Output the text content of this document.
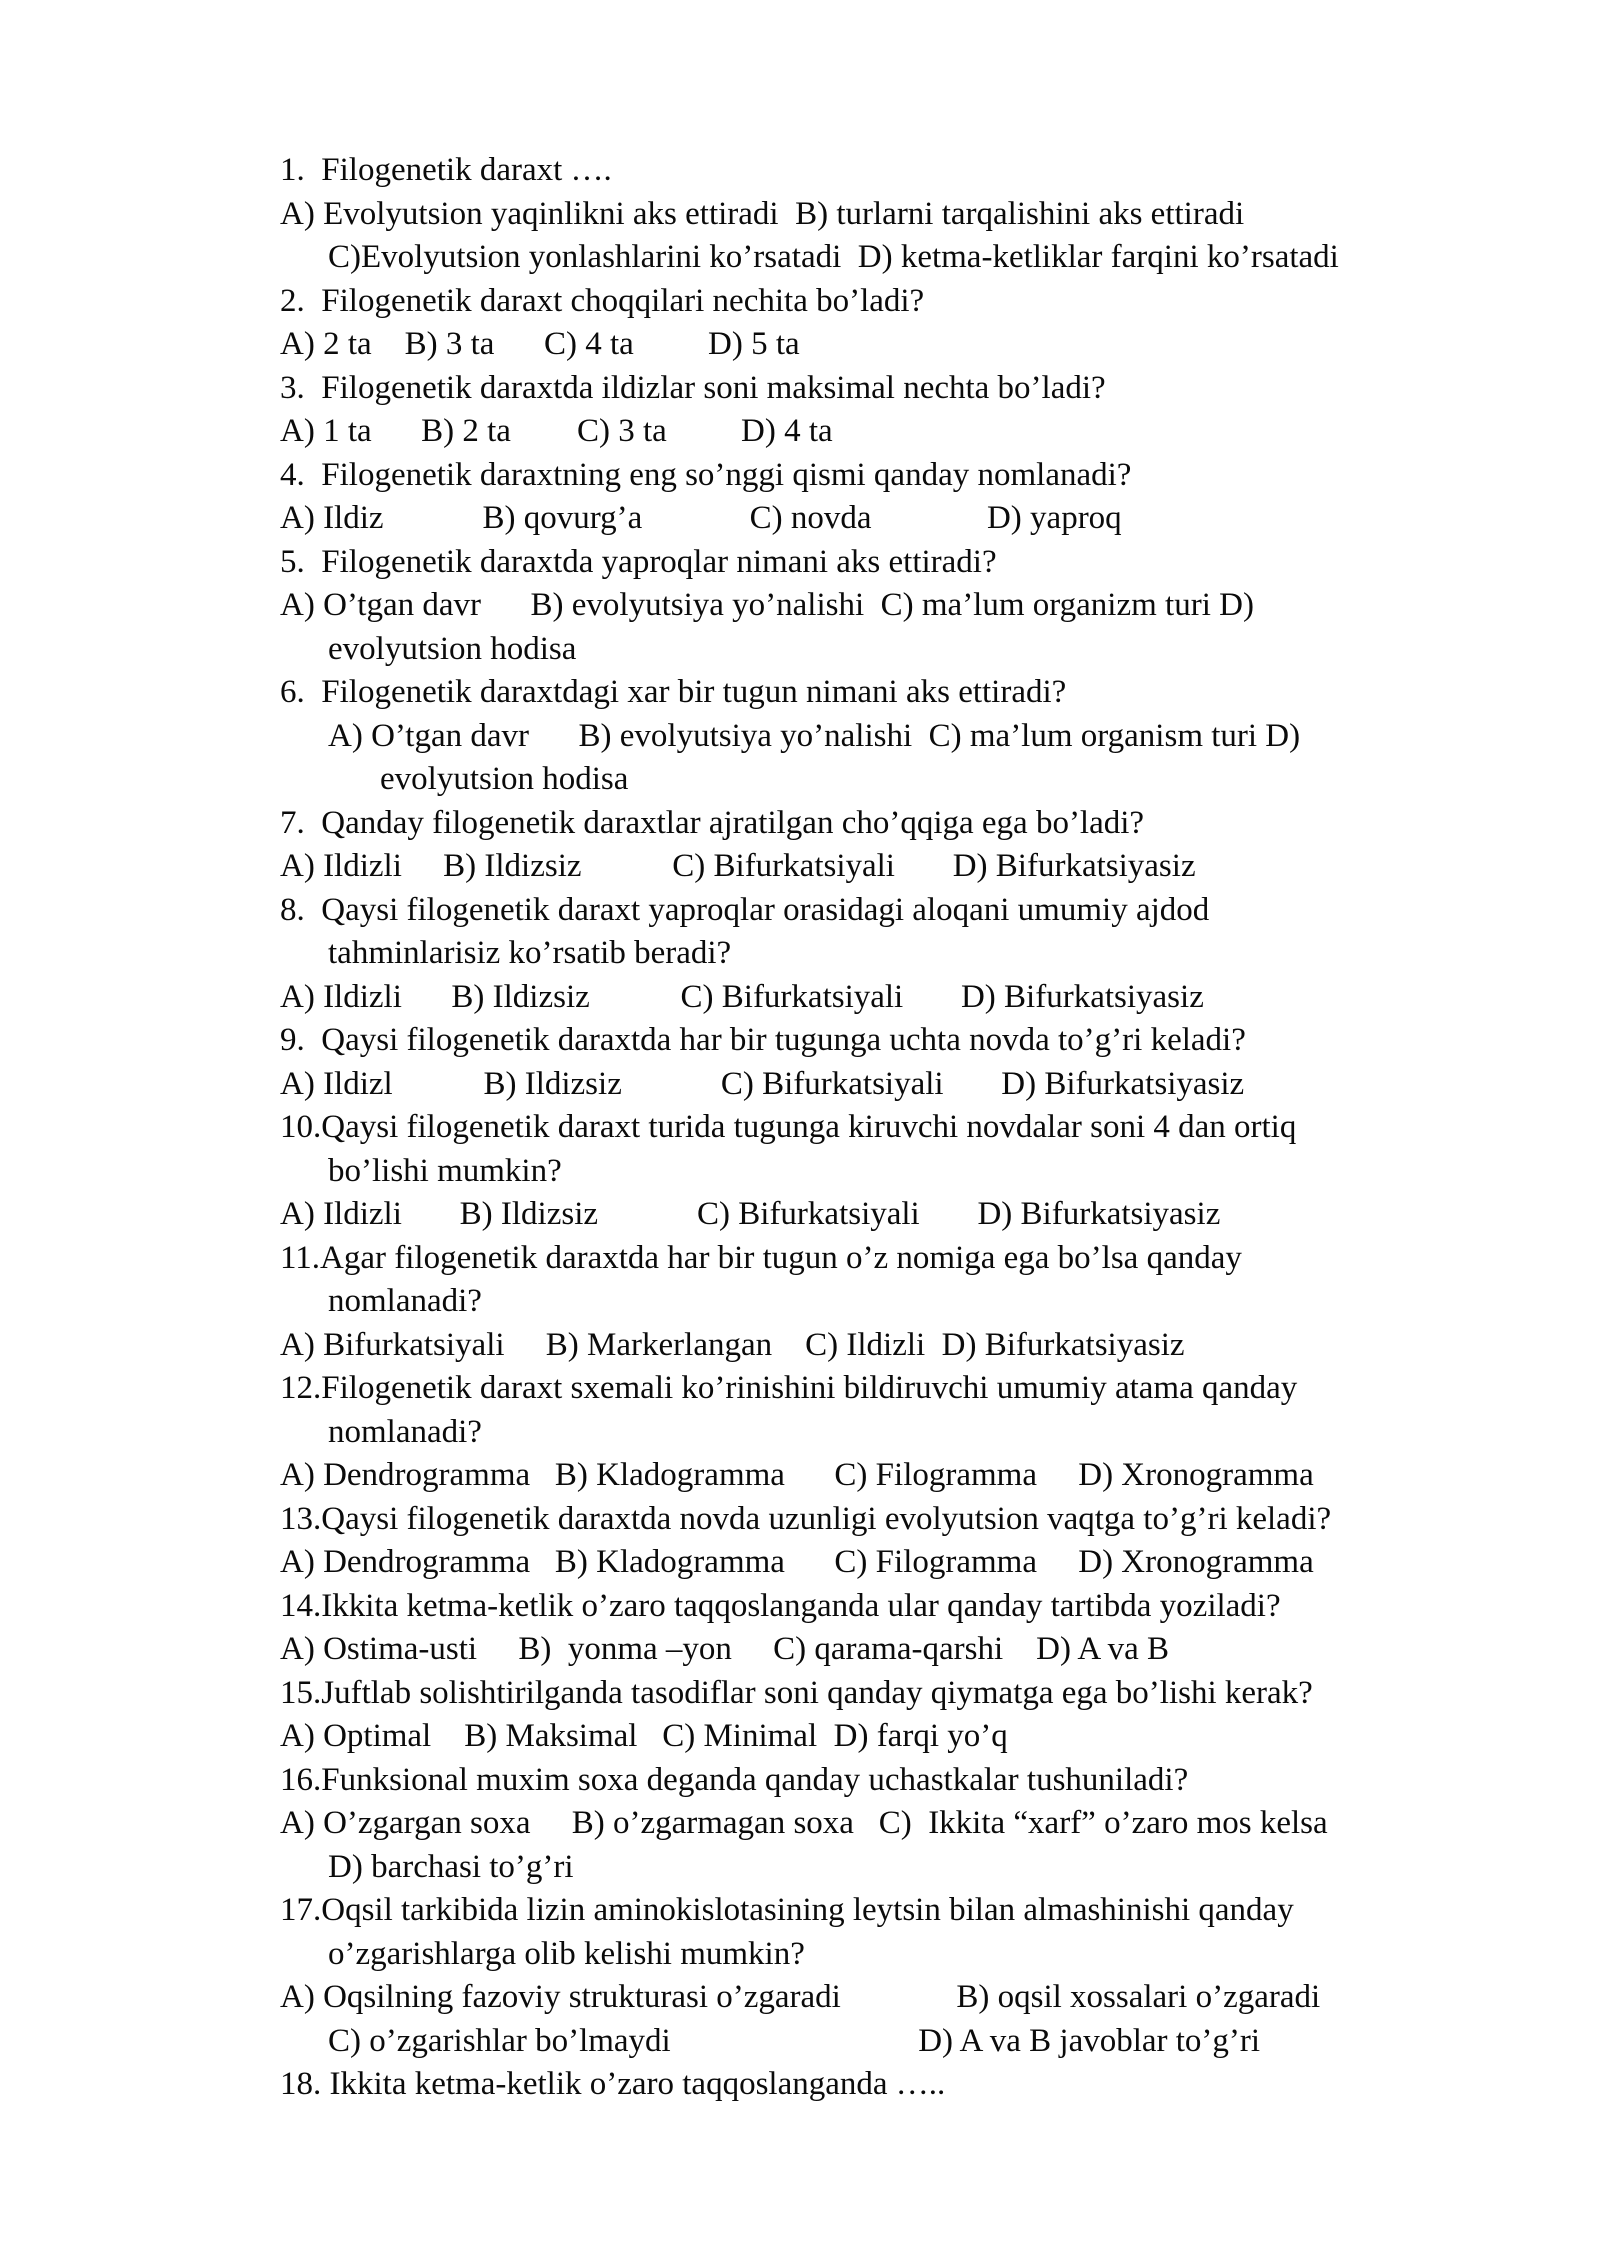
1.  Filogenetik daraxt ….
A) Evolyutsion yaqinlikni aks ettiradi  B) turlarni tarqalishini aks ettiradi
C)Evolyutsion yonlashlarini ko’rsatadi  D) ketma-ketliklar farqini ko’rsatadi
2.  Filogenetik daraxt choqqilari nechita bo’ladi?
A) 2 ta    B) 3 ta      C) 4 ta         D) 5 ta
3.  Filogenetik daraxtda ildizlar soni maksimal nechta bo’ladi?
A) 1 ta      B) 2 ta        C) 3 ta         D) 4 ta
4.  Filogenetik daraxtning eng so’nggi qismi qanday nomlanadi?
A) Ildiz            B) qovurg’a             C) novda              D) yaproq
5.  Filogenetik daraxtda yaproqlar nimani aks ettiradi?
A) O’tgan davr      B) evolyutsiya yo’nalishi  C) ma’lum organizm turi D)
evolyutsion hodisa
6.  Filogenetik daraxtdagi xar bir tugun nimani aks ettiradi?
A) O’tgan davr      B) evolyutsiya yo’nalishi  C) ma’lum organism turi D)
evolyutsion hodisa
7.  Qanday filogenetik daraxtlar ajratilgan cho’qqiga ega bo’ladi?
A) Ildizli     B) Ildizsiz           C) Bifurkatsiyali       D) Bifurkatsiyasiz
8.  Qaysi filogenetik daraxt yaproqlar orasidagi aloqani umumiy ajdod
tahminlarisiz ko’rsatib beradi?
A) Ildizli      B) Ildizsiz           C) Bifurkatsiyali       D) Bifurkatsiyasiz
9.  Qaysi filogenetik daraxtda har bir tugunga uchta novda to’g’ri keladi?
A) Ildizl           B) Ildizsiz            C) Bifurkatsiyali       D) Bifurkatsiyasiz
10.Qaysi filogenetik daraxt turida tugunga kiruvchi novdalar soni 4 dan ortiq
bo’lishi mumkin?
A) Ildizli       B) Ildizsiz            C) Bifurkatsiyali       D) Bifurkatsiyasiz
11.Agar filogenetik daraxtda har bir tugun o’z nomiga ega bo’lsa qanday
nomlanadi?
A) Bifurkatsiyali     B) Markerlangan    C) Ildizli  D) Bifurkatsiyasiz
12.Filogenetik daraxt sxemali ko’rinishini bildiruvchi umumiy atama qanday
nomlanadi?
A) Dendrogramma   B) Kladogramma      C) Filogramma     D) Xronogramma
13.Qaysi filogenetik daraxtda novda uzunligi evolyutsion vaqtga to’g’ri keladi?
A) Dendrogramma   B) Kladogramma      C) Filogramma     D) Xronogramma
14.Ikkita ketma-ketlik o’zaro taqqoslanganda ular qanday tartibda yoziladi?
A) Ostima-usti     B)  yonma –yon     C) qarama-qarshi    D) A va B
15.Juftlab solishtirilganda tasodiflar soni qanday qiymatga ega bo’lishi kerak?
A) Optimal    B) Maksimal   C) Minimal  D) farqi yo’q
16.Funksional muxim soxa deganda qanday uchastkalar tushuniladi?
A) O’zgargan soxa     B) o’zgarmagan soxa   C)  Ikkita “xarf” o’zaro mos kelsa
D) barchasi to’g’ri
17.Oqsil tarkibida lizin aminokislotasining leytsin bilan almashinishi qanday
o’zgarishlarga olib kelishi mumkin?
A) Oqsilning fazoviy strukturasi o’zgaradi              B) oqsil xossalari o’zgaradi
C) o’zgarishlar bo’lmaydi                              D) A va B javoblar to’g’ri
18. Ikkita ketma-ketlik o’zaro taqqoslanganda …..
